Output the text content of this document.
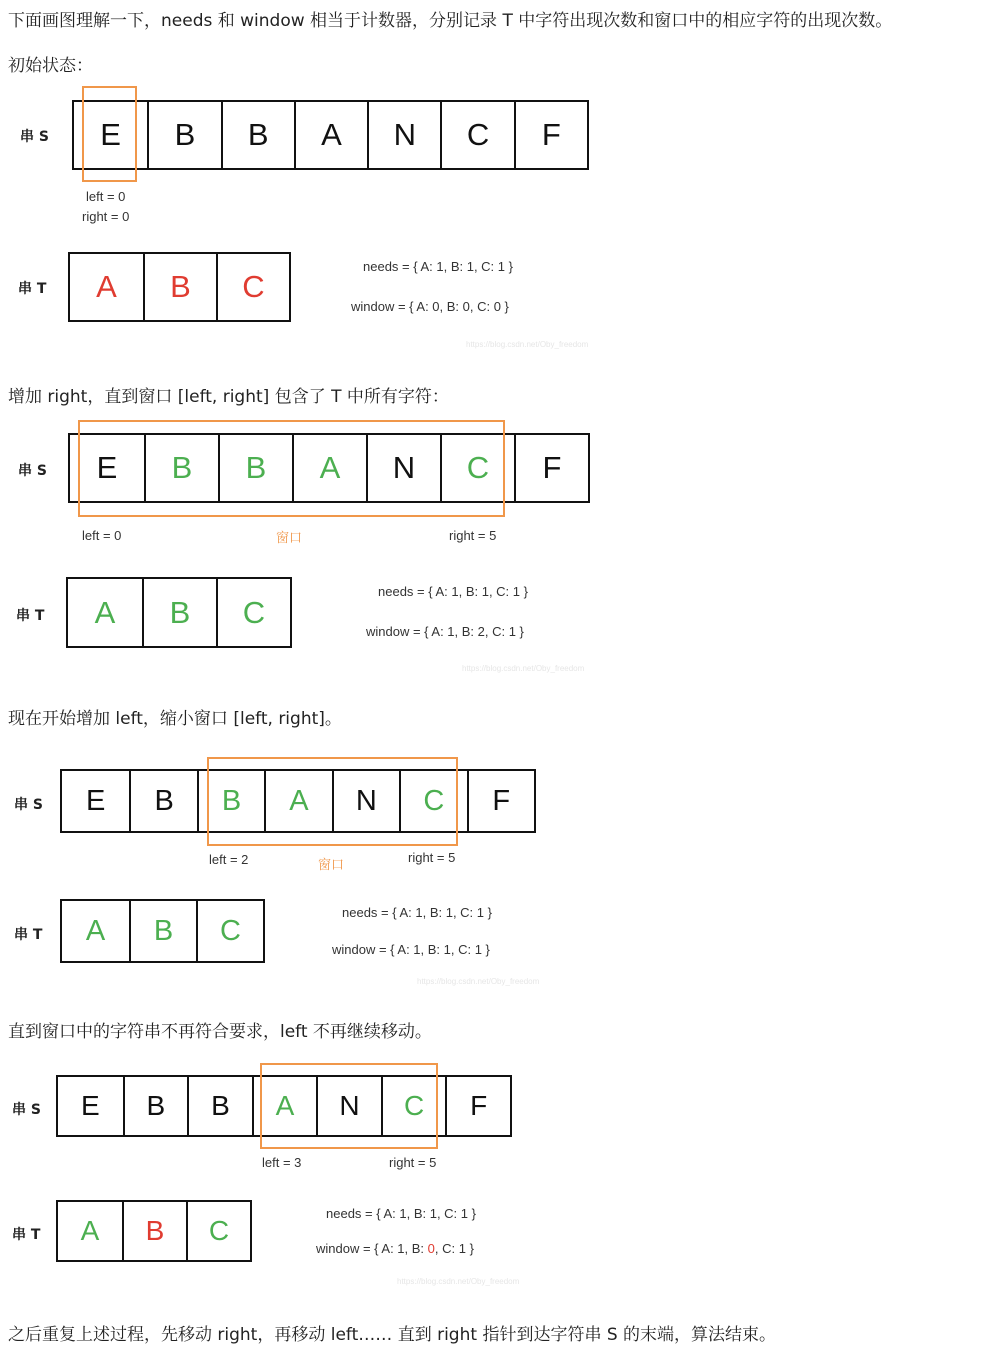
下面画图理解一下，needs 和 window 相当于计数器，分别记录 T 中字符出现次数和窗口中的相应字符的出现次数。
初始状态：
增加 right，直到窗口 [left, right] 包含了 T 中所有字符：
现在开始增加 left，缩小窗口 [left, right]。
直到窗口中的字符串不再符合要求，left 不再继续移动。
之后重复上述过程，先移动 right，再移动 left…… 直到 right 指针到达字符串 S 的末端，算法结束。
串 S	E	B	B	A	N	C	F
left = 0
right = 0
串 T	A	B	C
needs = { A: 1, B: 1, C: 1 }
window = { A: 0, B: 0, C: 0 }
https://blog.csdn.net/Oby_freedom
串 S	E	B	B	A	N	C	F
left = 0	right = 5
窗口
串 T	A	B	C
needs = { A: 1, B: 1, C: 1 }
window = { A: 1, B: 2, C: 1 }
https://blog.csdn.net/Oby_freedom
串 S	E	B	B	A	N	C	F
left = 2	right = 5
窗口
串 T	A	B	C
needs = { A: 1, B: 1, C: 1 }
window = { A: 1, B: 1, C: 1 }
https://blog.csdn.net/Oby_freedom
串 S	E	B	B	A	N	C	F
left = 3	right = 5
串 T	A	B	C
needs = { A: 1, B: 1, C: 1 }
window = { A: 1, B: 0, C: 1 }
https://blog.csdn.net/Oby_freedom
